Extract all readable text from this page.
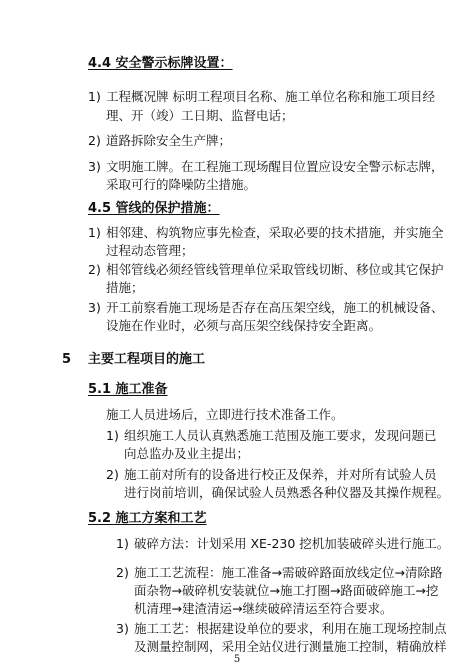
4.4 安全警示标牌设置：
1) 工程概况牌 标明工程项目名称、施工单位名称和施工项目经
理、开（竣）工日期、监督电话；
2) 道路拆除安全生产牌；
3) 文明施工牌。在工程施工现场醒目位置应设安全警示标志牌，
采取可行的降噪防尘措施。
4.5 管线的保护措施：
1) 相邻建、构筑物应事先检查，采取必要的技术措施，并实施全
过程动态管理；
2) 相邻管线必须经管线管理单位采取管线切断、移位或其它保护
措施；
3) 开工前察看施工现场是否存在高压架空线，施工的机械设备、
设施在作业时，必须与高压架空线保持安全距离。
5 主要工程项目的施工
5.1 施工准备
施工人员进场后，立即进行技术准备工作。
1) 组织施工人员认真熟悉施工范围及施工要求，发现问题已
向总监办及业主提出；
2) 施工前对所有的设备进行校正及保养，并对所有试验人员
进行岗前培训，确保试验人员熟悉各种仪器及其操作规程。
5.2 施工方案和工艺
1) 破碎方法：计划采用 XE-230 挖机加装破碎头进行施工。
2) 施工工艺流程：施工准备→需破碎路面放线定位→清除路
面杂物→破碎机安装就位→施工打圈→路面破碎施工→挖
机清理→建渣清运→继续破碎清运至符合要求。
3) 施工工艺：根据建设单位的要求，利用在施工现场控制点
及测量控制网，采用全站仪进行测量施工控制，精确放样
5
